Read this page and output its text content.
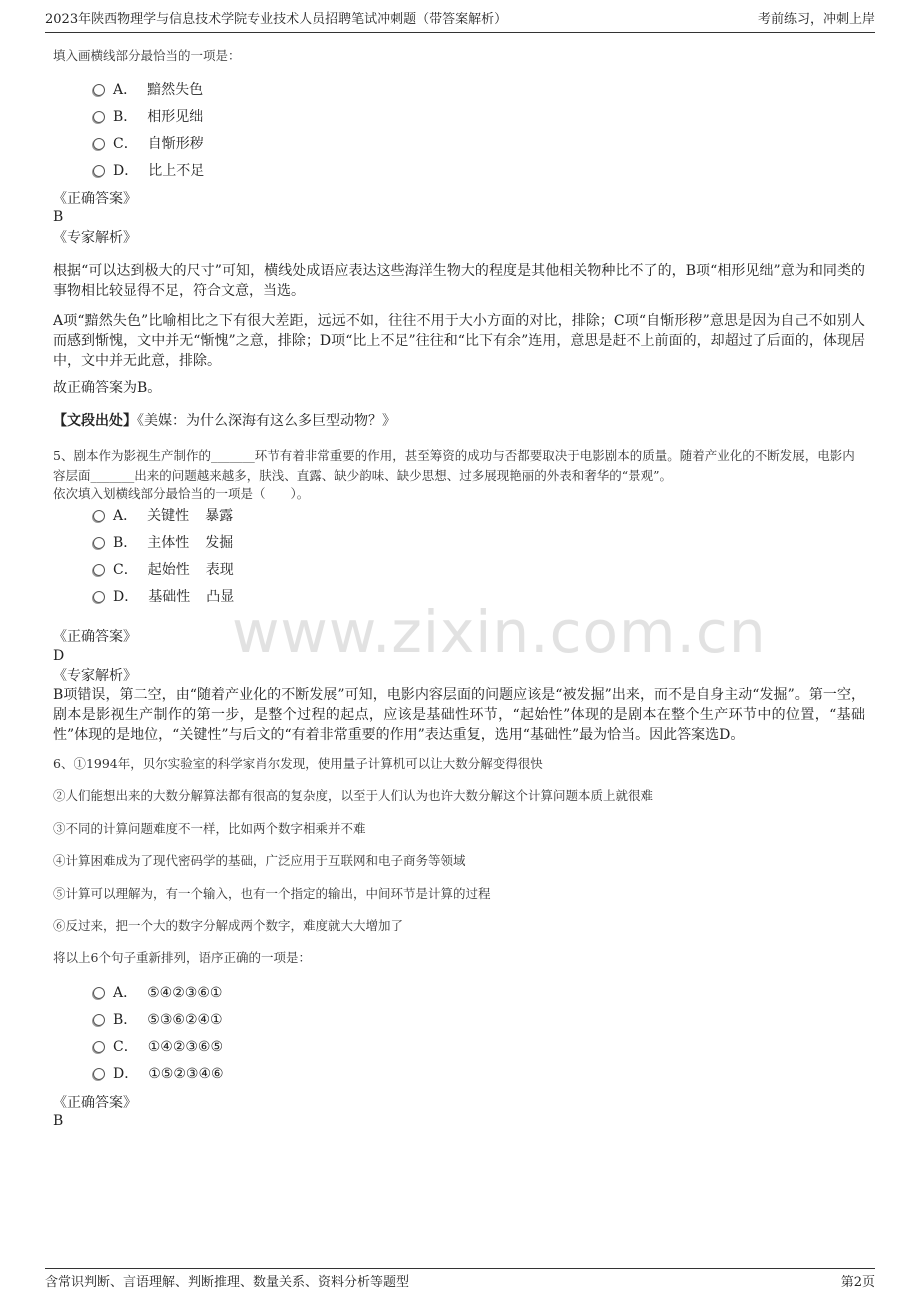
2023年陕西物理学与信息技术学院专业技术人员招聘笔试冲刺题（带答案解析）	考前练习，冲刺上岸
www.zixin.com.cn
填入画横线部分最恰当的一项是：
A． 黯然失色
B． 相形见绌
C． 自惭形秽
D． 比上不足
《正确答案》
B
《专家解析》
根据“可以达到极大的尺寸”可知，横线处成语应表达这些海洋生物大的程度是其他相关物种比不了的，B项“相形见绌”意为和同类的事物相比较显得不足，符合文意，当选。
A项“黯然失色”比喻相比之下有很大差距，远远不如，往往不用于大小方面的对比，排除；C项“自惭形秽”意思是因为自己不如别人而感到惭愧，文中并无“惭愧”之意，排除；D项“比上不足”往往和“比下有余”连用，意思是赶不上前面的，却超过了后面的，体现居中，文中并无此意，排除。
故正确答案为B。
【文段出处】《美媒：为什么深海有这么多巨型动物？》
5、剧本作为影视生产制作的_______环节有着非常重要的作用，甚至筹资的成功与否都要取决于电影剧本的质量。随着产业化的不断发展，电影内容层面_______出来的问题越来越多，肤浅、直露、缺少韵味、缺少思想、过多展现艳丽的外表和奢华的“景观”。
依次填入划横线部分最恰当的一项是（　　）。
A． 关键性 暴露
B． 主体性 发掘
C． 起始性 表现
D． 基础性 凸显
《正确答案》
D
《专家解析》
B项错误，第二空，由“随着产业化的不断发展”可知，电影内容层面的问题应该是“被发掘”出来，而不是自身主动“发掘”。第一空，剧本是影视生产制作的第一步，是整个过程的起点，应该是基础性环节，“起始性”体现的是剧本在整个生产环节中的位置，“基础性”体现的是地位，“关键性”与后文的“有着非常重要的作用”表达重复，选用“基础性”最为恰当。因此答案选D。
6、①1994年，贝尔实验室的科学家肖尔发现，使用量子计算机可以让大数分解变得很快
②人们能想出来的大数分解算法都有很高的复杂度，以至于人们认为也许大数分解这个计算问题本质上就很难
③不同的计算问题难度不一样，比如两个数字相乘并不难
④计算困难成为了现代密码学的基础，广泛应用于互联网和电子商务等领域
⑤计算可以理解为，有一个输入，也有一个指定的输出，中间环节是计算的过程
⑥反过来，把一个大的数字分解成两个数字，难度就大大增加了
将以上6个句子重新排列，语序正确的一项是：
A． ⑤④②③⑥①
B． ⑤③⑥②④①
C． ①④②③⑥⑤
D． ①⑤②③④⑥
《正确答案》
B
含常识判断、言语理解、判断推理、数量关系、资料分析等题型	第2页
